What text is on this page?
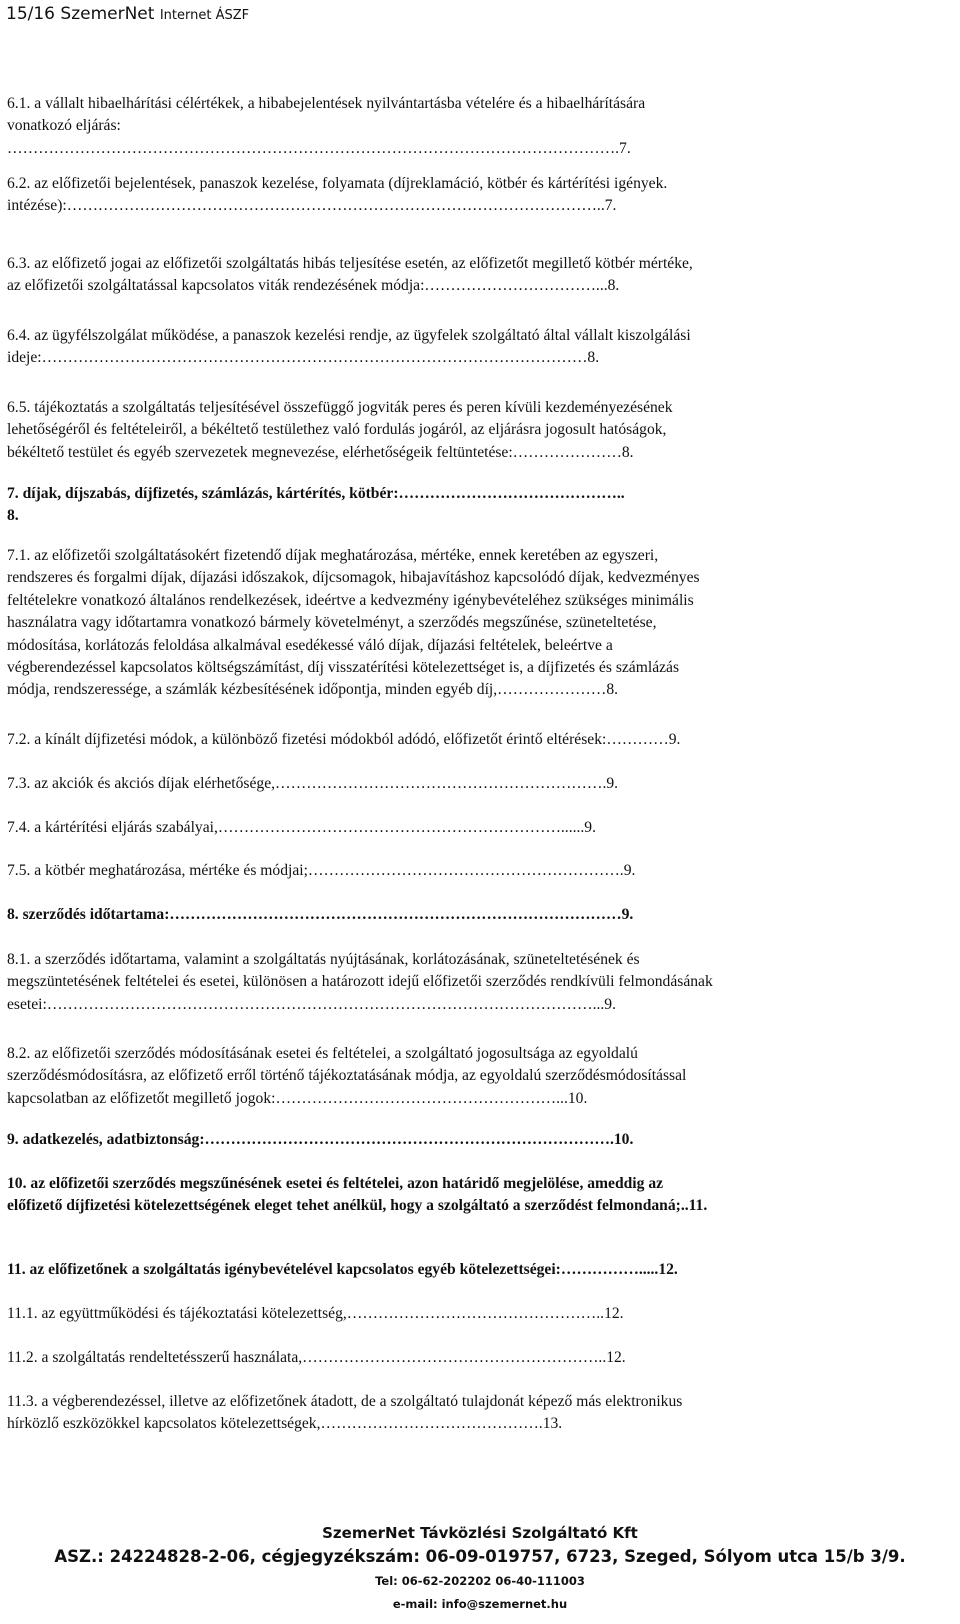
15/16 SzemerNet Internet ÁSZF
6.1. a vállalt hibaelhárítási célértékek, a hibabejelentések nyilvántartásba vételére és a hibaelhárítására
vonatkozó eljárás:
……………………………………………………………………………………………………….7.
6.2. az előfizetői bejelentések, panaszok kezelése, folyamata (díjreklamáció, kötbér és kártérítési igények.
intézése):…………………………………………………………………………………………..7.
6.3. az előfizető jogai az előfizetői szolgáltatás hibás teljesítése esetén, az előfizetőt megillető kötbér mértéke,
az előfizetői szolgáltatással kapcsolatos viták rendezésének módja:……………………………...8.
6.4. az ügyfélszolgálat működése, a panaszok kezelési rendje, az ügyfelek szolgáltató által vállalt kiszolgálási
ideje:……………………………………………………………………………………………8.
6.5. tájékoztatás a szolgáltatás teljesítésével összefüggő jogviták peres és peren kívüli kezdeményezésének
lehetőségéről és feltételeiről, a békéltető testülethez való fordulás jogáról, az eljárásra jogosult hatóságok,
békéltető testület és egyéb szervezetek megnevezése, elérhetőségeik feltüntetése:…………………8.
7. díjak, díjszabás, díjfizetés, számlázás, kártérítés, kötbér:……………………………………..
8.
7.1. az előfizetői szolgáltatásokért fizetendő díjak meghatározása, mértéke, ennek keretében az egyszeri,
rendszeres és forgalmi díjak, díjazási időszakok, díjcsomagok, hibajavításhoz kapcsolódó díjak, kedvezményes
feltételekre vonatkozó általános rendelkezések, ideértve a kedvezmény igénybevételéhez szükséges minimális
használatra vagy időtartamra vonatkozó bármely követelményt, a szerződés megszűnése, szüneteltetése,
módosítása, korlátozás feloldása alkalmával esedékessé váló díjak, díjazási feltételek, beleértve a
végberendezéssel kapcsolatos költségszámítást, díj visszatérítési kötelezettséget is, a díjfizetés és számlázás
módja, rendszeressége, a számlák kézbesítésének időpontja, minden egyéb díj,…………………8.
7.2. a kínált díjfizetési módok, a különböző fizetési módokból adódó, előfizetőt érintő eltérések:…………9.
7.3. az akciók és akciós díjak elérhetősége,……………………………………………………….9.
7.4. a kártérítési eljárás szabályai,…………………………………………………………......9.
7.5. a kötbér meghatározása, mértéke és módjai;…………………………………………………….9.
8. szerződés időtartama:……………………………………………………………………………9.
8.1. a szerződés időtartama, valamint a szolgáltatás nyújtásának, korlátozásának, szüneteltetésének és
megszüntetésének feltételei és esetei, különösen a határozott idejű előfizetői szerződés rendkívüli felmondásának
esetei:……………………………………………………………………………………………...9.
8.2. az előfizetői szerződés módosításának esetei és feltételei, a szolgáltató jogosultsága az egyoldalú
szerződésmódosításra, az előfizető erről történő tájékoztatásának módja, az egyoldalú szerződésmódosítással
kapcsolatban az előfizetőt megillető jogok:………………………………………………...10.
9. adatkezelés, adatbiztonság:…………………………………………………………………….10.
10. az előfizetői szerződés megszűnésének esetei és feltételei, azon határidő megjelölése, ameddig az
előfizető díjfizetési kötelezettségének eleget tehet anélkül, hogy a szolgáltató a szerződést felmondaná;..11.
11. az előfizetőnek a szolgáltatás igénybevételével kapcsolatos egyéb kötelezettségei:…………….....12.
11.1. az együttműködési és tájékoztatási kötelezettség,…………………………………………..12.
11.2. a szolgáltatás rendeltetésszerű használata,…………………………………………………..12.
11.3. a végberendezéssel, illetve az előfizetőnek átadott, de a szolgáltató tulajdonát képező más elektronikus
hírközlő eszközökkel kapcsolatos kötelezettségek,…………………………………….13.
SzemerNet Távközlési Szolgáltató Kft
ASZ.: 24224828-2-06, cégjegyzékszám: 06-09-019757, 6723, Szeged, Sólyom utca 15/b 3/9.
Tel: 06-62-202202 06-40-111003
e-mail: info@szemernet.hu
